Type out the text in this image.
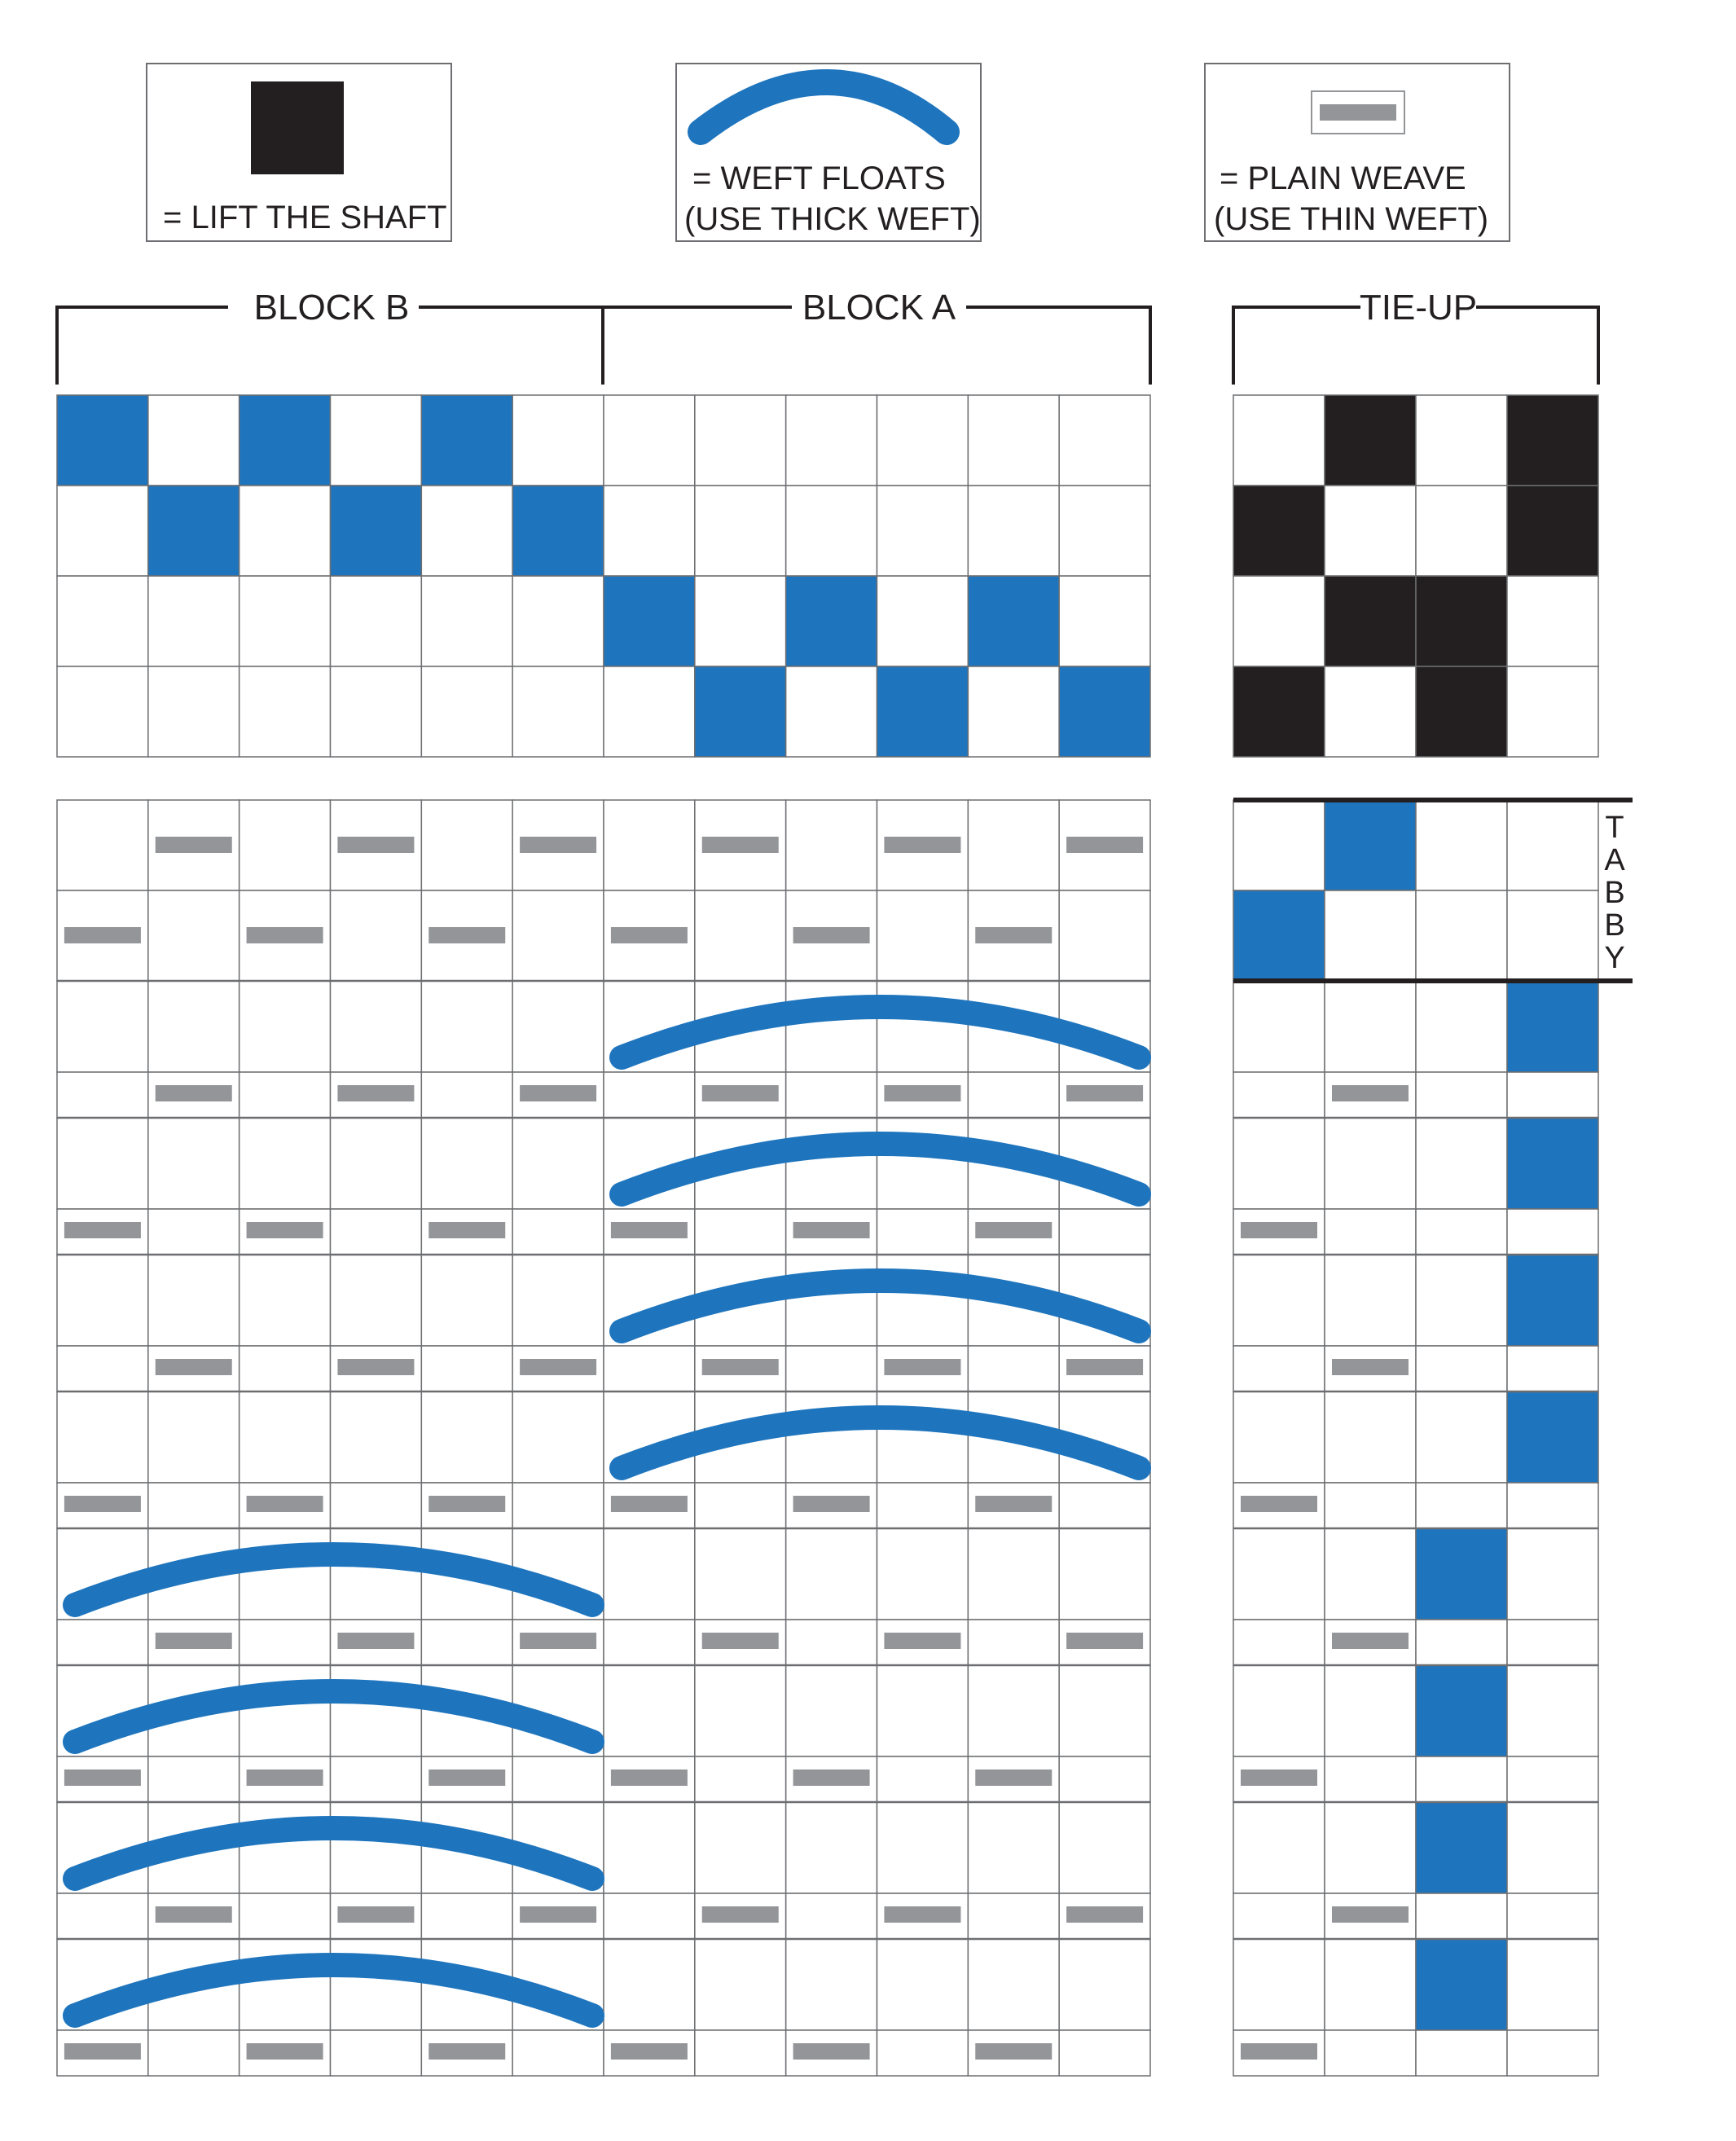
= LIFT THE SHAFT
= WEFT FLOATS
(USE THICK WEFT)
= PLAIN WEAVE
(USE THIN WEFT)
BLOCK B	BLOCK A	TIE-UP
T
A
B
B
Y
